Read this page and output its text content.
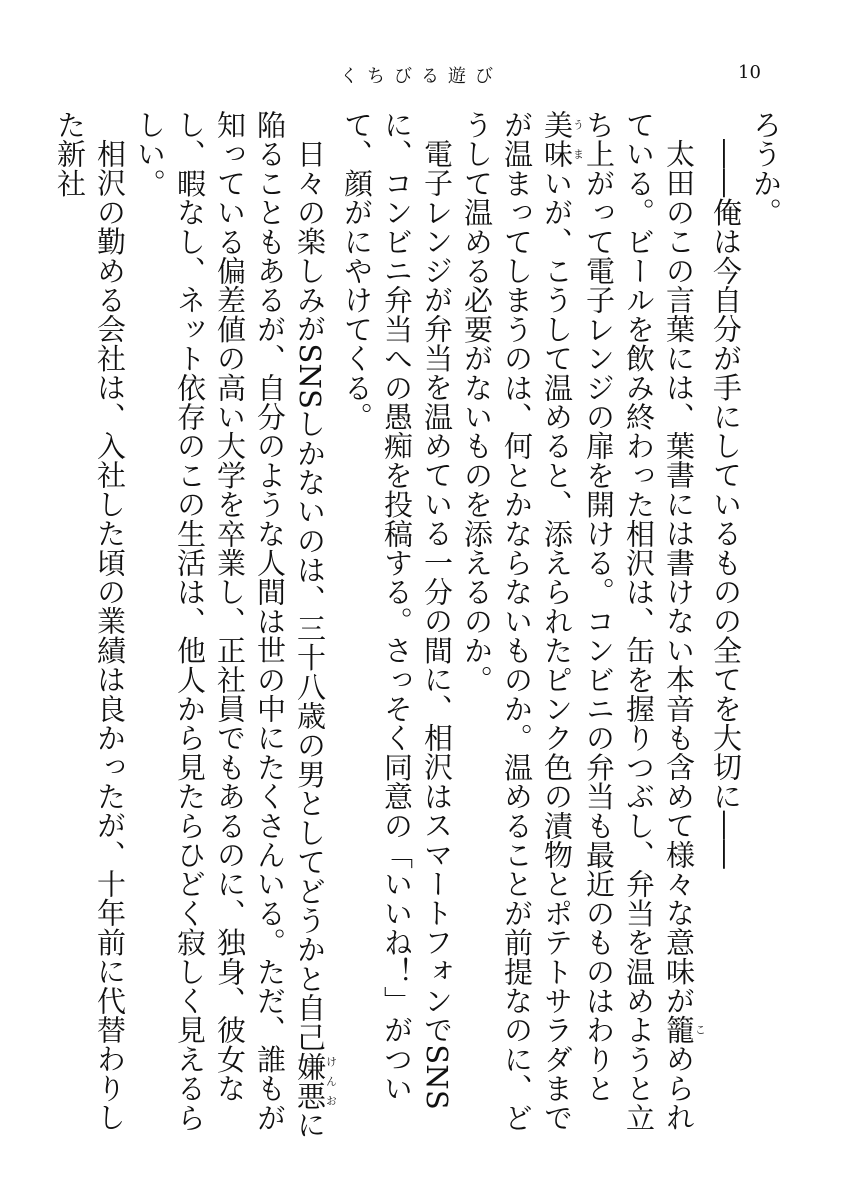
くちびる遊び	10

ろうか。

――俺は今自分が手にしているものの全てを大切に――

太田のこの言葉には、葉書には書けない本音も含めて様々な意味が籠こめられている。ビールを飲み終わった相沢は、缶を握りつぶし、弁当を温めようと立ち上がって電子レンジの扉を開ける。コンビニの弁当も最近のものはわりと美味うまいが、こうして温めると、添えられたピンク色の漬物とポテトサラダまでが温まってしまうのは、何とかならないものか。温めることが前提なのに、どうして温める必要がないものを添えるのか。

電子レンジが弁当を温めている一分の間に、相沢はスマートフォンでSNSに、コンビニ弁当への愚痴を投稿する。さっそく同意の「いいね！」がついて、顔がにやけてくる。

日々の楽しみがSNSしかないのは、三十八歳の男としてどうかと自己嫌悪けんおに陥ることもあるが、自分のような人間は世の中にたくさんいる。ただ、誰もが知っている偏差値の高い大学を卒業し、正社員でもあるのに、独身、彼女なし、暇なし、ネット依存のこの生活は、他人から見たらひどく寂しく見えるらしい。

相沢の勤める会社は、入社した頃の業績は良かったが、十年前に代替わりした新社
